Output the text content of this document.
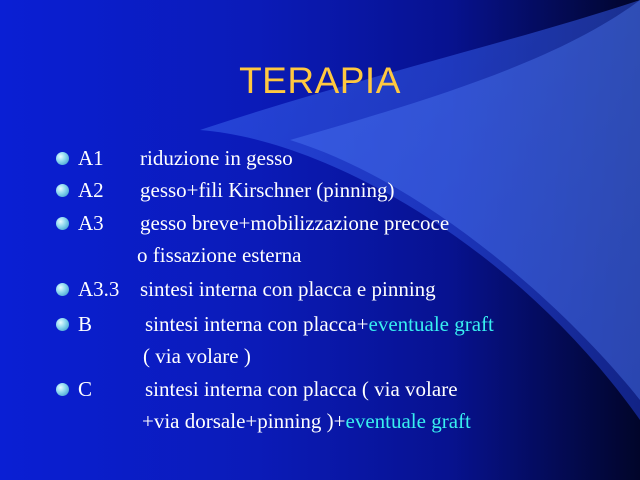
TERAPIA
A1 riduzione in gesso
A2 gesso+fili Kirschner (pinning)
A3 gesso breve+mobilizzazione precoce
o fissazione esterna
A3.3 sintesi interna con placca e pinning
B	sintesi interna con placca+eventuale graft
( via volare )
C	sintesi interna con placca ( via volare
+via dorsale+pinning )+eventuale graft
